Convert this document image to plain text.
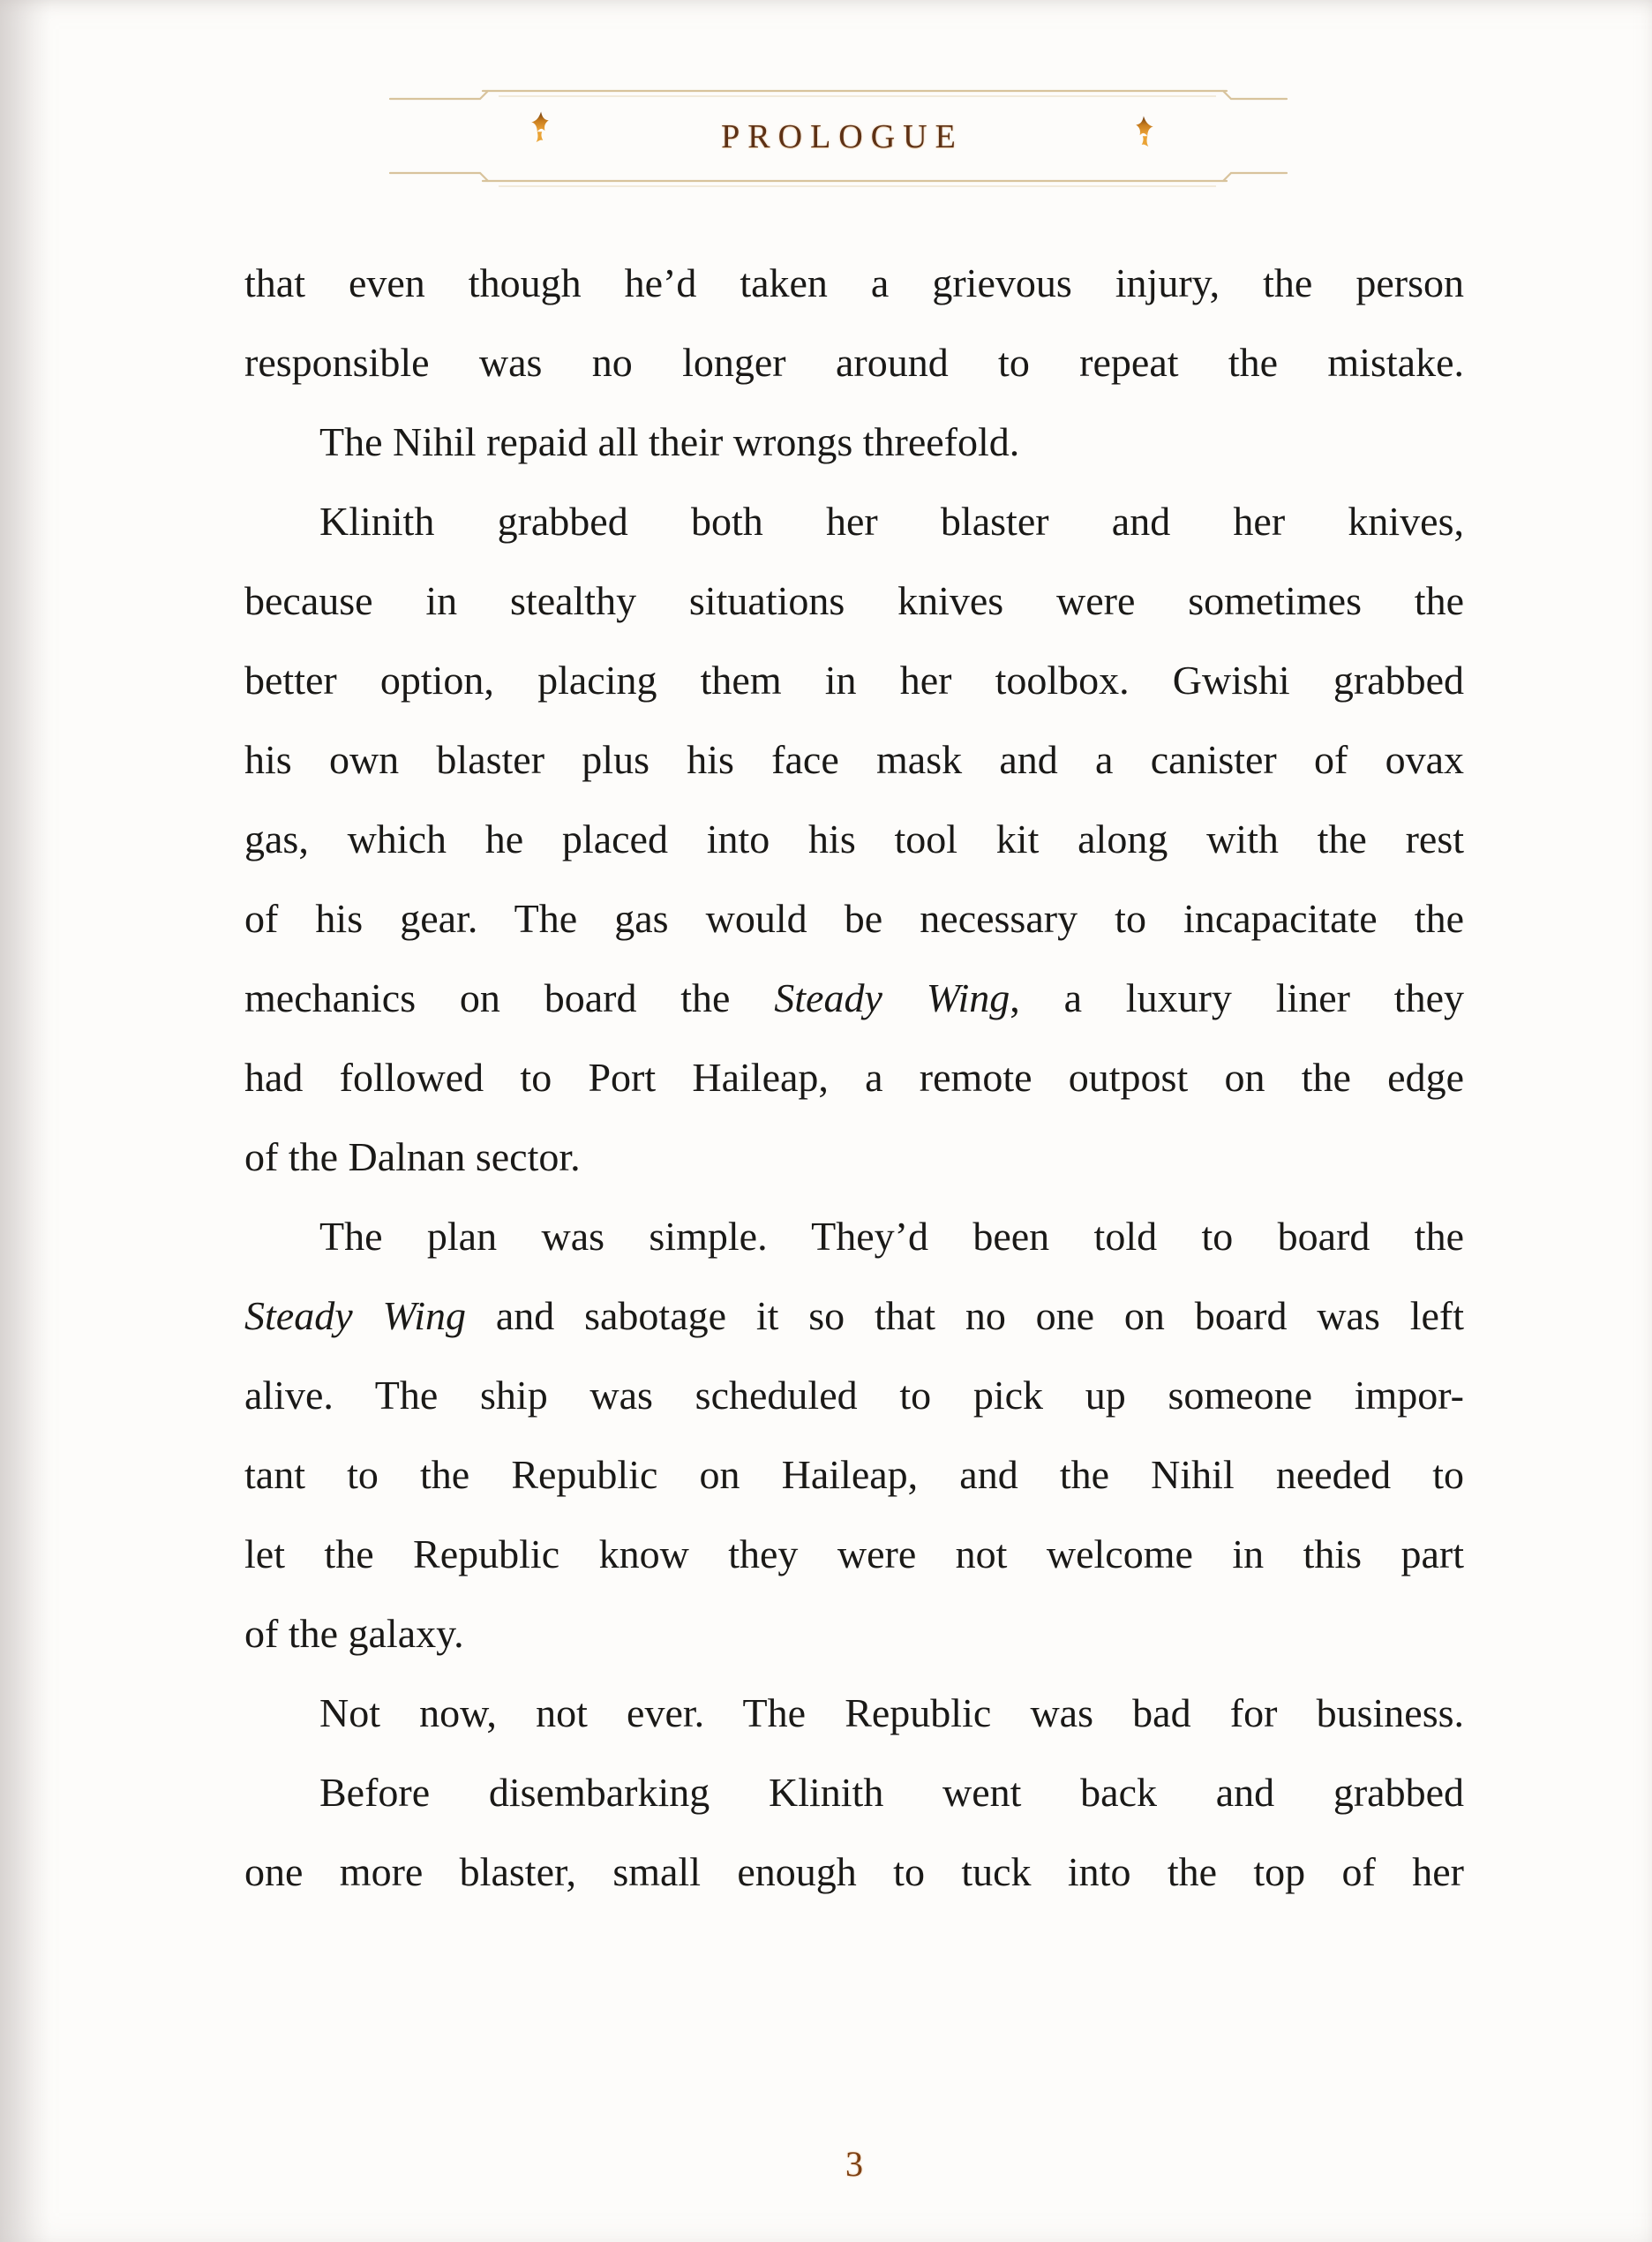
PROLOGUE
that even though he’d taken a grievous injury, the person
responsible was no longer around to repeat the mistake.
The Nihil repaid all their wrongs threefold.
Klinith grabbed both her blaster and her knives,
because in stealthy situations knives were sometimes the
better option, placing them in her toolbox. Gwishi grabbed
his own blaster plus his face mask and a canister of ovax
gas, which he placed into his tool kit along with the rest
of his gear. The gas would be necessary to incapacitate the
mechanics on board the Steady Wing, a luxury liner they
had followed to Port Haileap, a remote outpost on the edge
of the Dalnan sector.
The plan was simple. They’d been told to board the
Steady Wing and sabotage it so that no one on board was left
alive. The ship was scheduled to pick up someone impor-
tant to the Republic on Haileap, and the Nihil needed to
let the Republic know they were not welcome in this part
of the galaxy.
Not now, not ever. The Republic was bad for business.
Before disembarking Klinith went back and grabbed
one more blaster, small enough to tuck into the top of her
3
